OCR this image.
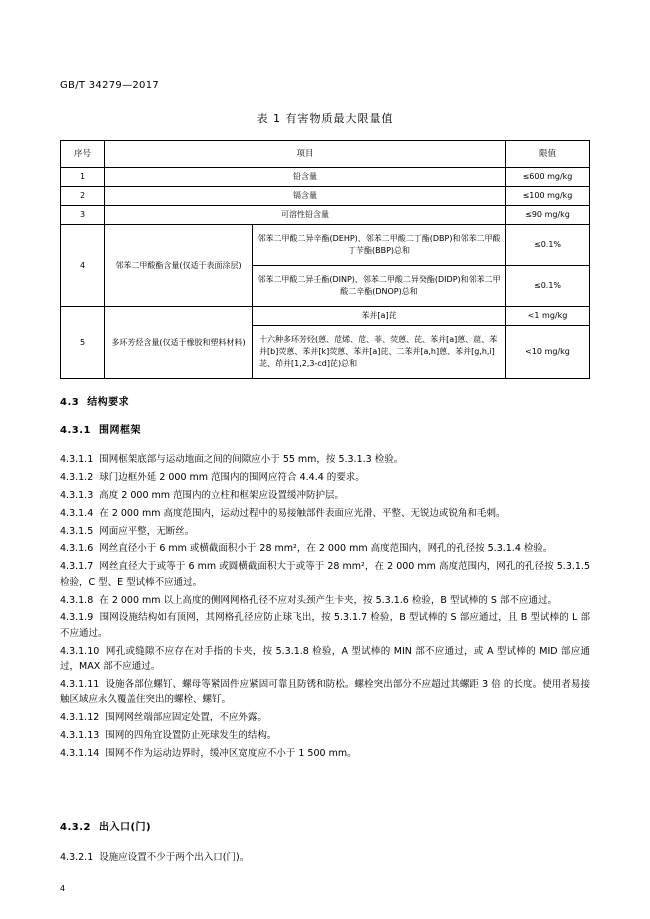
GB/T 34279—2017
表 1 有害物质最大限量值
序号	项目		限值
1	铅含量		≤600 mg/kg
2	镉含量		≤100 mg/kg
3	可溶性铅含量		≤90 mg/kg
4	邻苯二甲酸酯含量(仅适于表面涂层)	邻苯二甲酸二异辛酯(DEHP)、邻苯二甲酸二丁酯(DBP)和邻苯二甲酸丁苄酯(BBP)总和	≤0.1%
		邻苯二甲酸二异壬酯(DINP)、邻苯二甲酸二异癸酯(DIDP)和邻苯二甲酸二辛酯(DNOP)总和	≤0.1%
5	多环芳烃含量(仅适于橡胶和塑料材料)	苯并[a]芘	<1 mg/kg
		十六种多环芳烃(蒽、苊烯、苊、菲、荧蒽、芘、苯并[a]蒽、䓛、苯并[b]荧蒽、苯并[k]荧蒽、苯并[a]芘、二苯并[a,h]蒽、苯并[g,h,i]苝、茚并[1,2,3-cd]芘)总和	<10 mg/kg
4.3 结构要求
4.3.1 围网框架

4.3.1.1 围网框架底部与运动地面之间的间隙应小于 55 mm，按 5.3.1.3 检验。

4.3.1.2 球门边框外延 2 000 mm 范围内的围网应符合 4.4.4 的要求。

4.3.1.3 高度 2 000 mm 范围内的立柱和框架应设置缓冲防护层。

4.3.1.4 在 2 000 mm 高度范围内，运动过程中的易接触部件表面应光滑、平整、无锐边或锐角和毛刺。

4.3.1.5 网面应平整，无断丝。

4.3.1.6 网丝直径小于 6 mm 或横截面积小于 28 mm²，在 2 000 mm 高度范围内，网孔的孔径按 5.3.1.4 检验。

4.3.1.7 网丝直径大于或等于 6 mm 或圆横截面积大于或等于 28 mm²，在 2 000 mm 高度范围内，网孔的孔径按 5.3.1.5 检验，C 型、E 型试棒不应通过。

4.3.1.8 在 2 000 mm 以上高度的侧网网格孔径不应对头颈产生卡夹，按 5.3.1.6 检验，B 型试棒的 S 部不应通过。

4.3.1.9 围网设施结构如有顶网，其网格孔径应防止球飞出，按 5.3.1.7 检验，B 型试棒的 S 部应通过，且 B 型试棒的 L 部不应通过。

4.3.1.10 网孔或缝隙不应存在对手指的卡夹，按 5.3.1.8 检验，A 型试棒的 MIN 部不应通过，或 A 型试棒的 MID 部应通过，MAX 部不应通过。

4.3.1.11 设施各部位螺钉、螺母等紧固件应紧固可靠且防锈和防松。螺栓突出部分不应超过其螺距 3 倍 的长度。使用者易接触区域应永久覆盖住突出的螺栓、螺钉。

4.3.1.12 围网网丝端部应固定处置，不应外露。

4.3.1.13 围网的四角宜设置防止死球发生的结构。

4.3.1.14 围网不作为运动边界时，缓冲区宽度应不小于 1 500 mm。

4.3.2 出入口(门)

4.3.2.1 设施应设置不少于两个出入口(门)。

4
